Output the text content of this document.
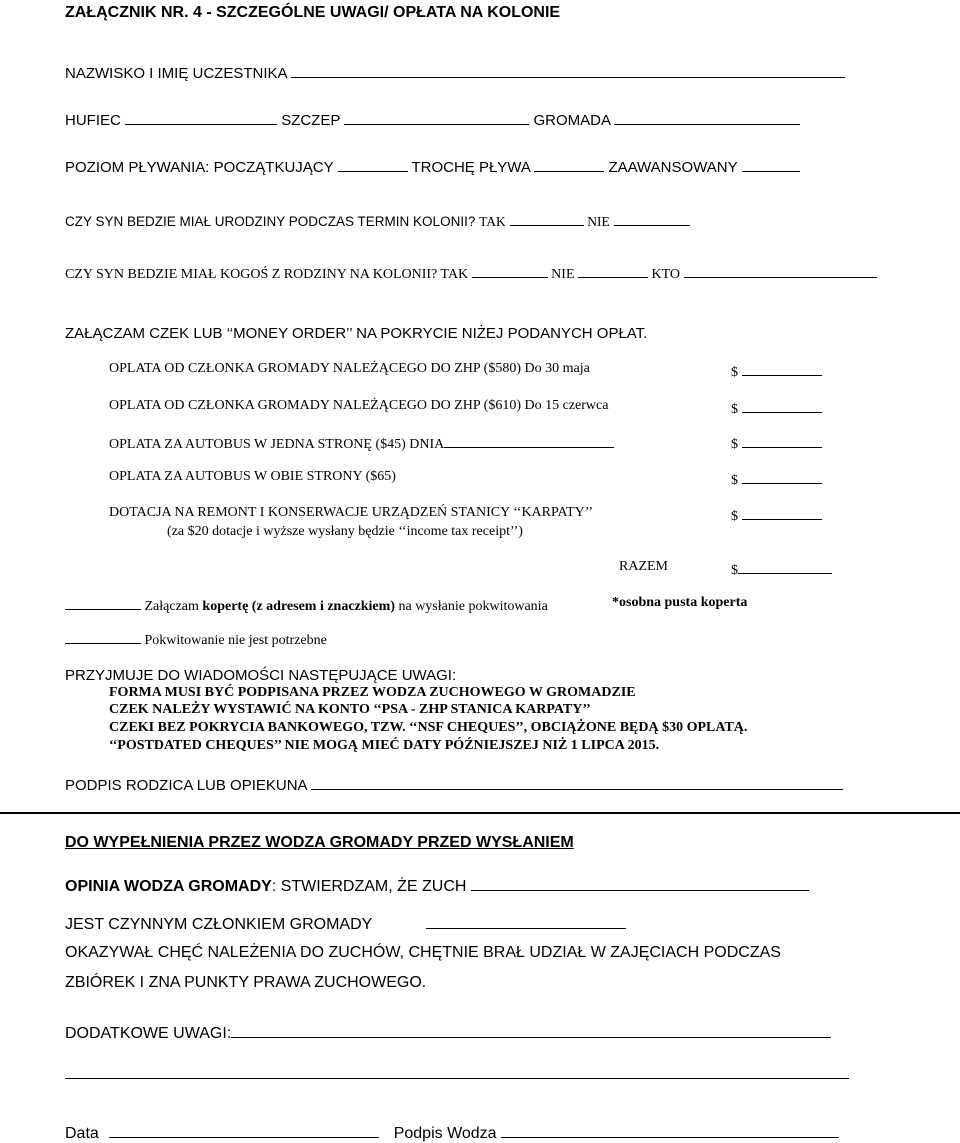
ZAŁĄCZNIK NR. 4 - SZCZEGÓLNE UWAGI/ OPŁATA NA KOLONIE
NAZWISKO I IMIĘ UCZESTNIKA
HUFIEC	SZCZEP	GROMADA
POZIOM PŁYWANIA: POCZĄTKUJĄCY	TROCHĘ PŁYWA	ZAAWANSOWANY
CZY SYN BEDZIE MIAŁ URODZINY PODCZAS TERMIN KOLONII? TAK	NIE
CZY SYN BEDZIE MIAŁ KOGOŚ Z RODZINY NA KOLONII? TAK	NIE	KTO
ZAŁĄCZAM CZEK LUB ‘‘MONEY ORDER’’ NA POKRYCIE NIŻEJ PODANYCH OPŁAT.
OPLATA OD CZŁONKA GROMADY NALEŻĄCEGO DO ZHP ($580) Do 30 maja	$
OPLATA OD CZŁONKA GROMADY NALEŻĄCEGO DO ZHP ($610) Do 15 czerwca	$
OPLATA ZA AUTOBUS W JEDNA STRONĘ ($45) DNIA	$
OPLATA ZA AUTOBUS W OBIE STRONY ($65)	$
DOTACJA NA REMONT I KONSERWACJE URZĄDZEŃ STANICY ‘‘KARPATY’’	$
(za $20 dotacje i wyższe wysłany będzie ‘‘income tax receipt’’)
RAZEM	$
Załączam kopertę (z adresem i znaczkiem) na wysłanie pokwitowania	*osobna pusta koperta
Pokwitowanie nie jest potrzebne
PRZYJMUJE DO WIADOMOŚCI NASTĘPUJĄCE UWAGI:
FORMA MUSI BYĆ PODPISANA PRZEZ WODZA ZUCHOWEGO W GROMADZIE
CZEK NALEŻY WYSTAWIĆ NA KONTO ‘‘PSA - ZHP STANICA KARPATY’’
CZEKI BEZ POKRYCIA BANKOWEGO, TZW. ‘‘NSF CHEQUES’’, OBCIĄŻONE BĘDĄ $30 OPLATĄ.
‘‘POSTDATED CHEQUES’’ NIE MOGĄ MIEĆ DATY PÓŹNIEJSZEJ NIŻ 1 LIPCA 2015.
PODPIS RODZICA LUB OPIEKUNA
DO WYPEŁNIENIA PRZEZ WODZA GROMADY PRZED WYSŁANIEM
OPINIA WODZA GROMADY: STWIERDZAM, ŻE ZUCH
JEST CZYNNYM CZŁONKIEM GROMADY
OKAZYWAŁ CHĘĆ NALEŻENIA DO ZUCHÓW, CHĘTNIE BRAŁ UDZIAŁ W ZAJĘCIACH PODCZAS
ZBIÓREK I ZNA PUNKTY PRAWA ZUCHOWEGO.
DODATKOWE UWAGI:
Data	Podpis Wodza
